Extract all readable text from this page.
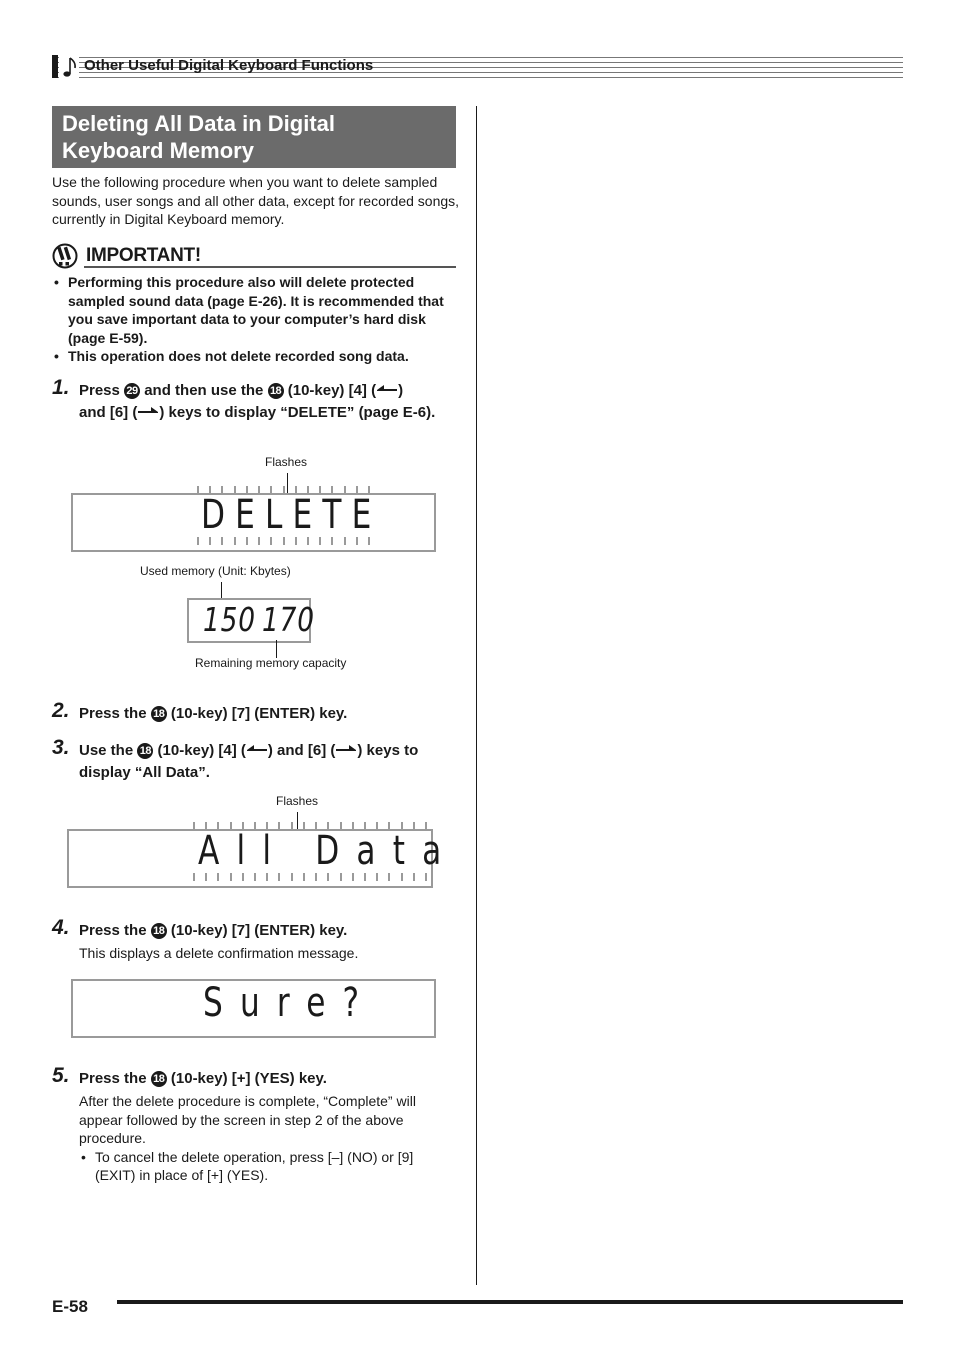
Other Useful Digital Keyboard Functions
Deleting All Data in Digital
Keyboard Memory
Use the following procedure when you want to delete sampled sounds, user songs and all other data, except for recorded songs, currently in Digital Keyboard memory.
IMPORTANT!
• Performing this procedure also will delete protected sampled sound data (page E-26). It is recommended that you save important data to your computer’s hard disk (page E-59).
• This operation does not delete recorded song data.
1. Press 29 and then use the 18 (10-key) [4] ( )
and [6] ( ) keys to display “DELETE” (page E-6).
Flashes
DELETE
Used memory (Unit: Kbytes)
150 170
Remaining memory capacity
2. Press the 18 (10-key) [7] (ENTER) key.
3. Use the 18 (10-key) [4] ( ) and [6] ( ) keys to display “All Data”.
Flashes
All Data
4. Press the 18 (10-key) [7] (ENTER) key.
This displays a delete confirmation message.
Sure?
5. Press the 18 (10-key) [+] (YES) key.
After the delete procedure is complete, “Complete” will appear followed by the screen in step 2 of the above procedure.
• To cancel the delete operation, press [–] (NO) or [9] (EXIT) in place of [+] (YES).
E-58
